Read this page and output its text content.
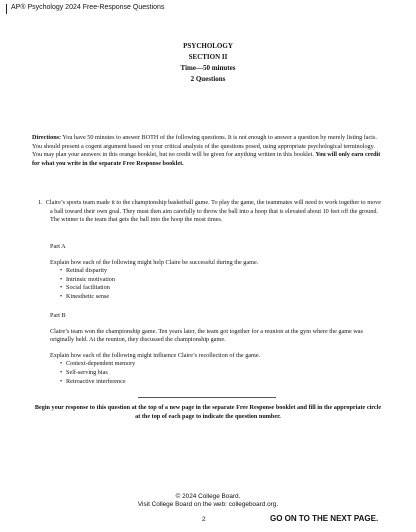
AP® Psychology 2024 Free-Response Questions
PSYCHOLOGY
SECTION II
Time—50 minutes
2 Questions
Directions: You have 50 minutes to answer BOTH of the following questions. It is not enough to answer a question by merely listing facts. You should present a cogent argument based on your critical analysis of the questions posed, using appropriate psychological terminology. You may plan your answers in this orange booklet, but no credit will be given for anything written in this booklet. You will only earn credit for what you write in the separate Free Response booklet.
1. Claire’s sports team made it to the championship basketball game. To play the game, the teammates will need to work together to move a ball toward their own goal. They must then aim carefully to throw the ball into a hoop that is elevated about 10 feet off the ground. The winner is the team that gets the ball into the hoop the most times.
Part A
Explain how each of the following might help Claire be successful during the game.
• Retinal disparity
• Intrinsic motivation
• Social facilitation
• Kinesthetic sense
Part B
Claire’s team won the championship game. Ten years later, the team got together for a reunion at the gym where the game was originally held. At the reunion, they discussed the championship game.
Explain how each of the following might influence Claire’s recollection of the game.
• Context-dependent memory
• Self-serving bias
• Retroactive interference
Begin your response to this question at the top of a new page in the separate Free Response booklet and fill in the appropriate circle at the top of each page to indicate the question number.
© 2024 College Board.
Visit College Board on the web: collegeboard.org.
2	GO ON TO THE NEXT PAGE.
